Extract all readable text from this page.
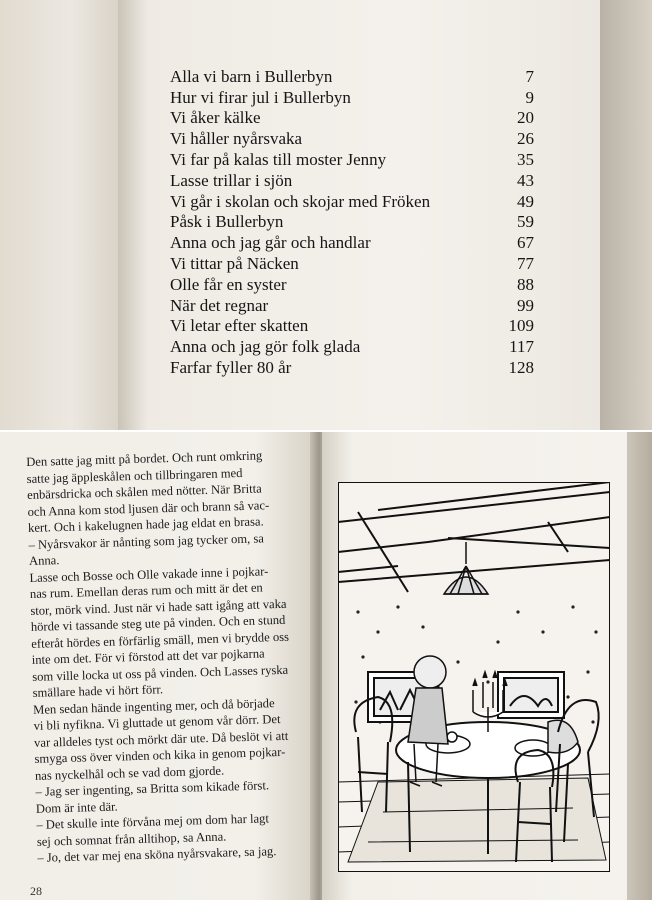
Alla vi barn i Bullerbyn	7
Hur vi firar jul i Bullerbyn	9
Vi åker kälke	20
Vi håller nyårsvaka	26
Vi far på kalas till moster Jenny	35
Lasse trillar i sjön	43
Vi går i skolan och skojar med Fröken	49
Påsk i Bullerbyn	59
Anna och jag går och handlar	67
Vi tittar på Näcken	77
Olle får en syster	88
När det regnar	99
Vi letar efter skatten	109
Anna och jag gör folk glada	117
Farfar fyller 80 år	128
Den satte jag mitt på bordet. Och runt omkring
satte jag äppleskålen och tillbringaren med
enbärsdricka och skålen med nötter. När Britta
och Anna kom stod ljusen där och brann så vac-
kert. Och i kakelugnen hade jag eldat en brasa.
– Nyårsvakor är nånting som jag tycker om, sa
Anna.
Lasse och Bosse och Olle vakade inne i pojkar-
nas rum. Emellan deras rum och mitt är det en
stor, mörk vind. Just när vi hade satt igång att vaka
hörde vi tassande steg ute på vinden. Och en stund
efteråt hördes en förfärlig smäll, men vi brydde oss
inte om det. För vi förstod att det var pojkarna
som ville locka ut oss på vinden. Och Lasses ryska
smällare hade vi hört förr.
Men sedan hände ingenting mer, och då började
vi bli nyfikna. Vi gluttade ut genom vår dörr. Det
var alldeles tyst och mörkt där ute. Då beslöt vi att
smyga oss över vinden och kika in genom pojkar-
nas nyckelhål och se vad dom gjorde.
– Jag ser ingenting, sa Britta som kikade först.
Dom är inte där.
– Det skulle inte förvåna mej om dom har lagt
sej och somnat från alltihop, sa Anna.
– Jo, det var mej ena sköna nyårsvakare, sa jag.
28
